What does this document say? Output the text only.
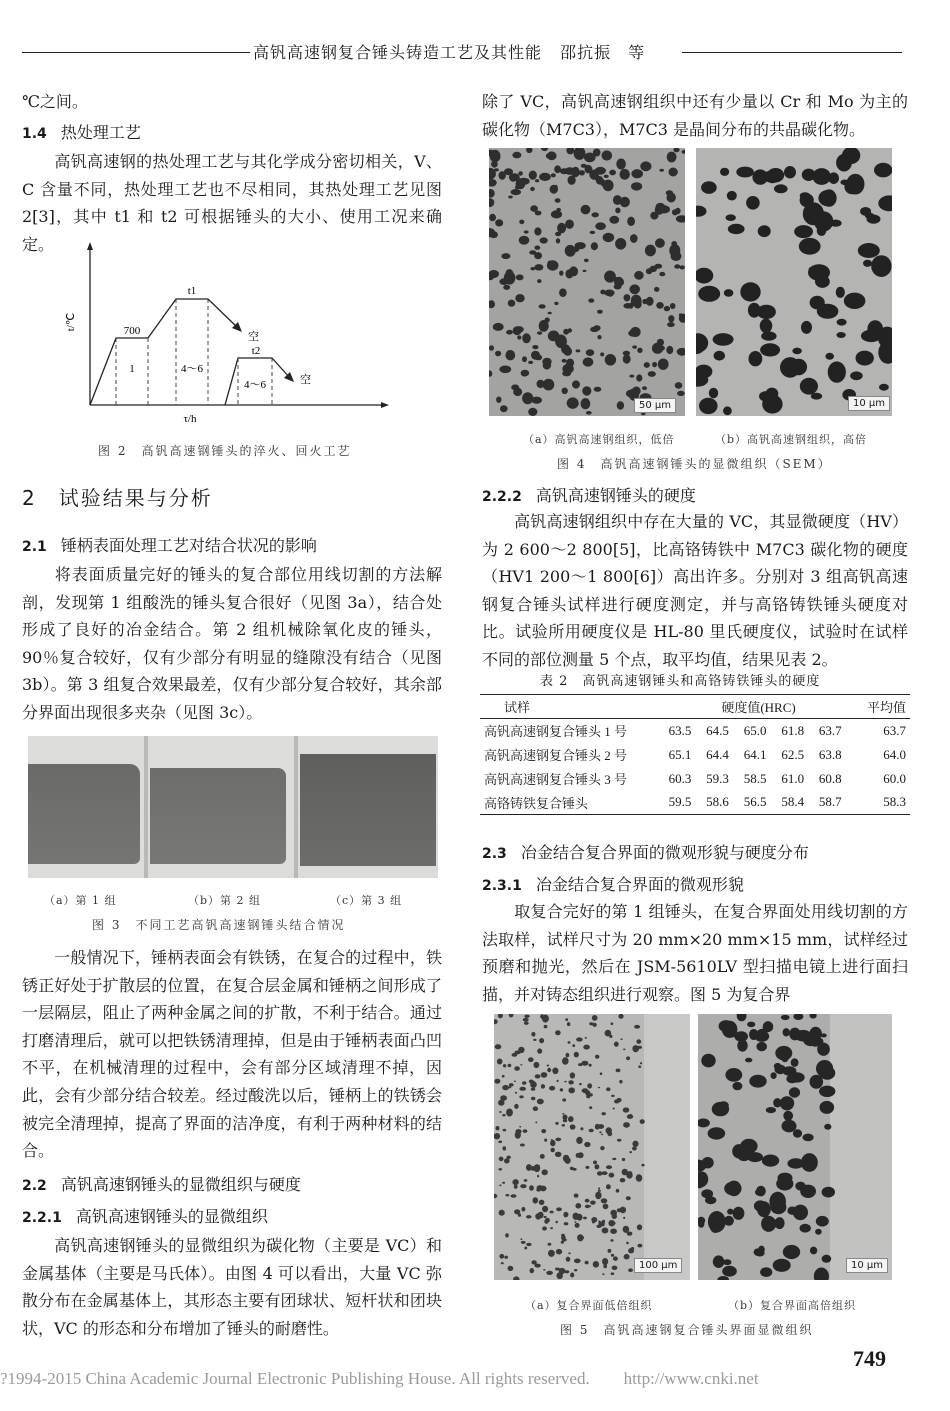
高钒高速钢复合锤头铸造工艺及其性能 邵抗振　等
℃之间。
1.4 热处理工艺
高钒高速钢的热处理工艺与其化学成分密切相关，V、C 含量不同，热处理工艺也不尽相同，其热处理工艺见图 2[3]，其中 t1 和 t2 可根据锤头的大小、使用工况来确定。
t/℃
τ/h
700
t1
t2
1	4～6
4～6
空
空
图 2　高钒高速钢锤头的淬火、回火工艺
2 试验结果与分析
2.1 锤柄表面处理工艺对结合状况的影响
将表面质量完好的锤头的复合部位用线切割的方法解剖，发现第 1 组酸洗的锤头复合很好（见图 3a），结合处形成了良好的冶金结合。第 2 组机械除氧化皮的锤头，90％复合较好，仅有少部分有明显的缝隙没有结合（见图 3b）。第 3 组复合效果最差，仅有少部分复合较好，其余部分界面出现很多夹杂（见图 3c）。
（a）第 1 组	（b）第 2 组	（c）第 3 组
图 3　不同工艺高钒高速钢锤头结合情况
一般情况下，锤柄表面会有铁锈，在复合的过程中，铁锈正好处于扩散层的位置，在复合层金属和锤柄之间形成了一层隔层，阻止了两种金属之间的扩散，不利于结合。通过打磨清理后，就可以把铁锈清理掉，但是由于锤柄表面凸凹不平，在机械清理的过程中，会有部分区域清理不掉，因此，会有少部分结合较差。经过酸洗以后，锤柄上的铁锈会被完全清理掉，提高了界面的洁净度，有利于两种材料的结合。
2.2 高钒高速钢锤头的显微组织与硬度
2.2.1 高钒高速钢锤头的显微组织
高钒高速钢锤头的显微组织为碳化物（主要是 VC）和金属基体（主要是马氏体）。由图 4 可以看出，大量 VC 弥散分布在金属基体上，其形态主要有团球状、短杆状和团块状，VC 的形态和分布增加了锤头的耐磨性。
除了 VC，高钒高速钢组织中还有少量以 Cr 和 Mo 为主的碳化物（M7C3），M7C3 是晶间分布的共晶碳化物。
50 μm	10 μm
（a）高钒高速钢组织，低倍	（b）高钒高速钢组织，高倍
图 4　高钒高速钢锤头的显微组织（SEM）
2.2.2 高钒高速钢锤头的硬度
高钒高速钢组织中存在大量的 VC，其显微硬度（HV）为 2 600～2 800[5]，比高铬铸铁中 M7C3 碳化物的硬度（HV1 200～1 800[6]）高出许多。分别对 3 组高钒高速钢复合锤头试样进行硬度测定，并与高铬铸铁锤头硬度对比。试验所用硬度仪是 HL-80 里氏硬度仪，试验时在试样不同的部位测量 5 个点，取平均值，结果见表 2。
表 2　高钒高速钢锤头和高铬铸铁锤头的硬度
试样	硬度值(HRC)					平均值
高钒高速钢复合锤头 1 号	63.5	64.5	65.0	61.8	63.7	63.7
高钒高速钢复合锤头 2 号	65.1	64.4	64.1	62.5	63.8	64.0
高钒高速钢复合锤头 3 号	60.3	59.3	58.5	61.0	60.8	60.0
高铬铸铁复合锤头	59.5	58.6	56.5	58.4	58.7	58.3
2.3 冶金结合复合界面的微观形貌与硬度分布
2.3.1 冶金结合复合界面的微观形貌
取复合完好的第 1 组锤头，在复合界面处用线切割的方法取样，试样尺寸为 20 mm×20 mm×15 mm，试样经过预磨和抛光，然后在 JSM-5610LV 型扫描电镜上进行面扫描，并对铸态组织进行观察。图 5 为复合界
100 μm	10 μm
（a）复合界面低倍组织	（b）复合界面高倍组织
图 5　高钒高速钢复合锤头界面显微组织
?1994-2015 China Academic Journal Electronic Publishing House. All rights reserved.　　http://www.cnki.net
749
